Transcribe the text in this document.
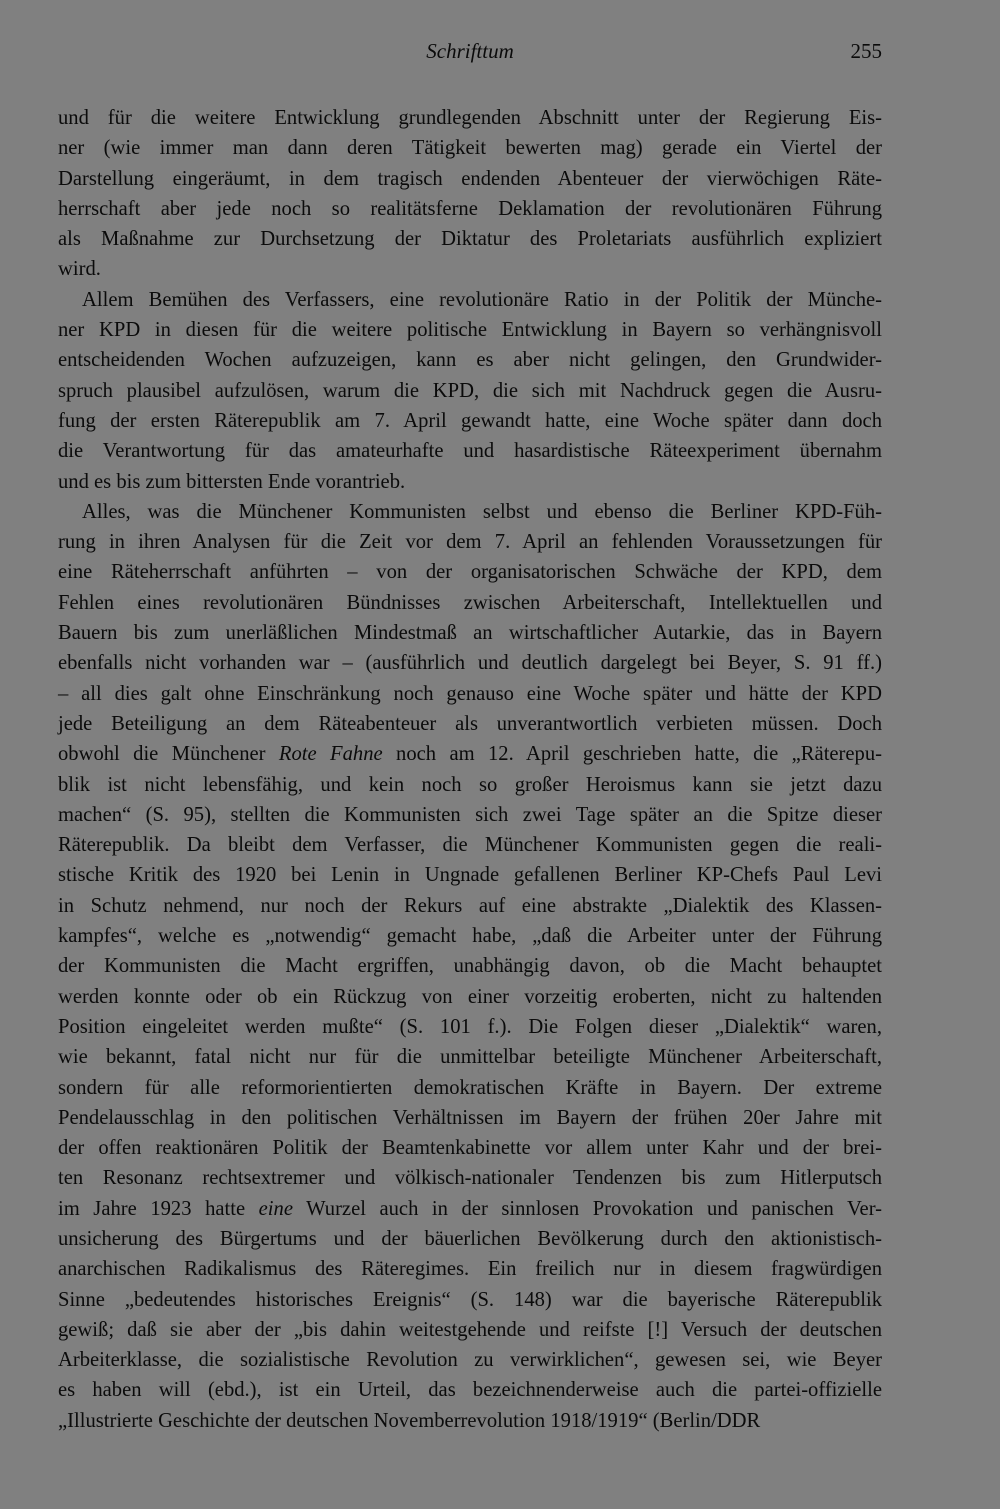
Schrifttum	255
und für die weitere Entwicklung grundlegenden Abschnitt unter der Regierung Eis-
ner (wie immer man dann deren Tätigkeit bewerten mag) gerade ein Viertel der
Darstellung eingeräumt, in dem tragisch endenden Abenteuer der vierwöchigen Räte-
herrschaft aber jede noch so realitätsferne Deklamation der revolutionären Führung
als Maßnahme zur Durchsetzung der Diktatur des Proletariats ausführlich expliziert
wird.
Allem Bemühen des Verfassers, eine revolutionäre Ratio in der Politik der Münche-
ner KPD in diesen für die weitere politische Entwicklung in Bayern so verhängnisvoll
entscheidenden Wochen aufzuzeigen, kann es aber nicht gelingen, den Grundwider-
spruch plausibel aufzulösen, warum die KPD, die sich mit Nachdruck gegen die Ausru-
fung der ersten Räterepublik am 7. April gewandt hatte, eine Woche später dann doch
die Verantwortung für das amateurhafte und hasardistische Räteexperiment übernahm
und es bis zum bittersten Ende vorantrieb.
Alles, was die Münchener Kommunisten selbst und ebenso die Berliner KPD-Füh-
rung in ihren Analysen für die Zeit vor dem 7. April an fehlenden Voraussetzungen für
eine Räteherrschaft anführten – von der organisatorischen Schwäche der KPD, dem
Fehlen eines revolutionären Bündnisses zwischen Arbeiterschaft, Intellektuellen und
Bauern bis zum unerläßlichen Mindestmaß an wirtschaftlicher Autarkie, das in Bayern
ebenfalls nicht vorhanden war – (ausführlich und deutlich dargelegt bei Beyer, S. 91 ff.)
– all dies galt ohne Einschränkung noch genauso eine Woche später und hätte der KPD
jede Beteiligung an dem Räteabenteuer als unverantwortlich verbieten müssen. Doch
obwohl die Münchener Rote Fahne noch am 12. April geschrieben hatte, die „Räterepu-
blik ist nicht lebensfähig, und kein noch so großer Heroismus kann sie jetzt dazu
machen“ (S. 95), stellten die Kommunisten sich zwei Tage später an die Spitze dieser
Räterepublik. Da bleibt dem Verfasser, die Münchener Kommunisten gegen die reali-
stische Kritik des 1920 bei Lenin in Ungnade gefallenen Berliner KP-Chefs Paul Levi
in Schutz nehmend, nur noch der Rekurs auf eine abstrakte „Dialektik des Klassen-
kampfes“, welche es „notwendig“ gemacht habe, „daß die Arbeiter unter der Führung
der Kommunisten die Macht ergriffen, unabhängig davon, ob die Macht behauptet
werden konnte oder ob ein Rückzug von einer vorzeitig eroberten, nicht zu haltenden
Position eingeleitet werden mußte“ (S. 101 f.). Die Folgen dieser „Dialektik“ waren,
wie bekannt, fatal nicht nur für die unmittelbar beteiligte Münchener Arbeiterschaft,
sondern für alle reformorientierten demokratischen Kräfte in Bayern. Der extreme
Pendelausschlag in den politischen Verhältnissen im Bayern der frühen 20er Jahre mit
der offen reaktionären Politik der Beamtenkabinette vor allem unter Kahr und der brei-
ten Resonanz rechtsextremer und völkisch-nationaler Tendenzen bis zum Hitlerputsch
im Jahre 1923 hatte eine Wurzel auch in der sinnlosen Provokation und panischen Ver-
unsicherung des Bürgertums und der bäuerlichen Bevölkerung durch den aktionistisch-
anarchischen Radikalismus des Räteregimes. Ein freilich nur in diesem fragwürdigen
Sinne „bedeutendes historisches Ereignis“ (S. 148) war die bayerische Räterepublik
gewiß; daß sie aber der „bis dahin weitestgehende und reifste [!] Versuch der deutschen
Arbeiterklasse, die sozialistische Revolution zu verwirklichen“, gewesen sei, wie Beyer
es haben will (ebd.), ist ein Urteil, das bezeichnenderweise auch die partei-offizielle
„Illustrierte Geschichte der deutschen Novemberrevolution 1918/1919“ (Berlin/DDR
